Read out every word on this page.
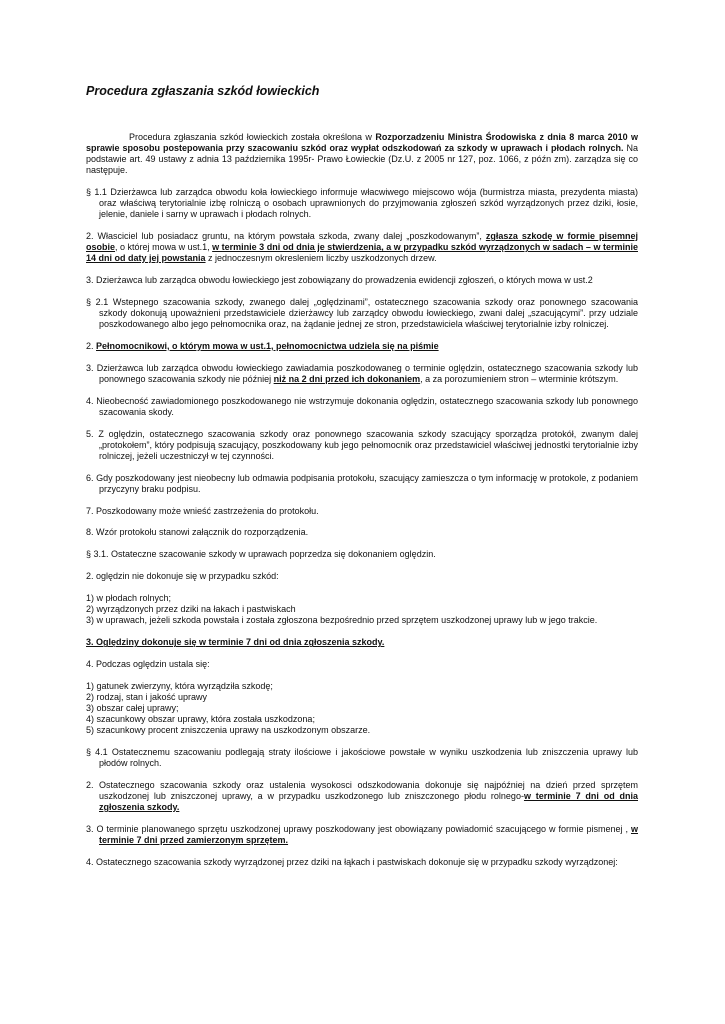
Procedura zgłaszania szkód łowieckich

Procedura zgłaszania szkód łowieckich została określona w Rozporzadzeniu Ministra Środowiska z dnia 8 marca 2010 w sprawie sposobu postepowania przy szacowaniu szkód oraz wypłat odszkodowań za szkody w uprawach i płodach rolnych. Na podstawie art. 49 ustawy z adnia 13 października 1995r- Prawo Łowieckie (Dz.U. z 2005 nr 127, poz. 1066, z późn zm). zarządza się co następuje.

§ 1.1 Dzierżawca lub zarządca obwodu koła łowieckiego informuje włacwiwego miejscowo wója (burmistrza miasta, prezydenta miasta) oraz właściwą terytorialnie izbę rolniczą o osobach uprawnionych do przyjmowania zgłoszeń szkód wyrządzonych przez dziki, łosie, jelenie, daniele i sarny w uprawach i płodach rolnych.

2. Własciciel lub posiadacz gruntu, na którym powstała szkoda, zwany dalej „poszkodowanym”, zgłasza szkodę w formie pisemnej osobie, o której mowa w ust.1, w terminie 3 dni od dnia je stwierdzenia, a w przypadku szkód wyrządzonych w sadach – w terminie 14 dni od daty jej powstania z jednoczesnym okresleniem liczby uszkodzonych drzew.

3. Dzierżawca lub zarządca obwodu łowieckiego jest zobowiązany do prowadzenia ewidencji zgłoszeń, o których mowa w ust.2

§ 2.1 Wstepnego szacowania szkody, zwanego dalej „oględzinami”, ostatecznego szacowania szkody oraz ponownego szacowania szkody dokonują upoważnieni przedstawiciele dzierżawcy lub zarządcy obwodu łowieckiego, zwani dalej „szacującymi”. przy udziale poszkodowanego albo jego pełnomocnika oraz, na żądanie jednej ze stron, przedstawiciela właściwej terytorialnie izby rolniczej.

2. Pełnomocnikowi, o którym mowa w ust.1, pełnomocnictwa udziela się na piśmie

3. Dzierżawca lub zarządca obwodu łowieckiego zawiadamia poszkodowaneg o terminie oględzin, ostatecznego szacowania szkody lub ponownego szacowania szkody nie później niż na 2 dni przed ich dokonaniem, a za porozumieniem stron – wterminie krótszym.

4. Nieobecność zawiadomionego poszkodowanego nie wstrzymuje dokonania oględzin, ostatecznego szacowania szkody lub ponownego szacowania skody.

5. Z oględzin, ostatecznego szacowania szkody oraz ponownego szacowania szkody szacujący sporządza protokół, zwanym dalej „protokołem”, który podpisują szacujący, poszkodowany kub jego pełnomocnik oraz przedstawiciel właściwej jednostki terytorialnie izby rolniczej, jeżeli uczestniczył w tej czynności.

6. Gdy poszkodowany jest nieobecny lub odmawia podpisania protokołu, szacujący zamieszcza o tym informację w protokole, z podaniem przyczyny braku podpisu.

7. Poszkodowany może wnieść zastrzeżenia do protokołu.

8. Wzór protokołu stanowi załącznik do rozporządzenia.

§ 3.1. Ostateczne szacowanie szkody w uprawach poprzedza się dokonaniem oględzin.

2. oględzin nie dokonuje się w przypadku szkód:

1) w płodach rolnych;
2) wyrządzonych przez dziki na łakach i pastwiskach
3) w uprawach, jeżeli szkoda powstała i została zgłoszona bezpośrednio przed sprzętem uszkodzonej uprawy lub w jego trakcie.

3. Oględziny dokonuje się w terminie 7 dni od dnia zgłoszenia szkody.

4. Podczas oględzin ustala się:

1) gatunek zwierzyny, która wyrządziła szkodę;
2) rodzaj, stan i jakość uprawy
3) obszar całej uprawy;
4) szacunkowy obszar uprawy, która została uszkodzona;
5) szacunkowy procent zniszczenia uprawy na uszkodzonym obszarze.

§ 4.1 Ostatecznemu szacowaniu podlegają straty ilościowe i jakościowe powstałe w wyniku uszkodzenia lub zniszczenia uprawy lub płodów rolnych.

2. Ostatecznego szacowania szkody oraz ustalenia wysokosci odszkodowania dokonuje się najpóźniej na dzień przed sprzętem uszkodzonej lub zniszczonej uprawy, a w przypadku uszkodzonego lub zniszczonego płodu rolnego-w terminie 7 dni od dnia zgłoszenia szkody.

3. O terminie planowanego sprzętu uszkodzonej uprawy poszkodowany jest obowiązany powiadomić szacującego w formie pismenej , w terminie 7 dni przed zamierzonym sprzętem.

4. Ostatecznego szacowania szkody wyrządzonej przez dziki na łąkach i pastwiskach dokonuje się w przypadku szkody wyrządzonej:
